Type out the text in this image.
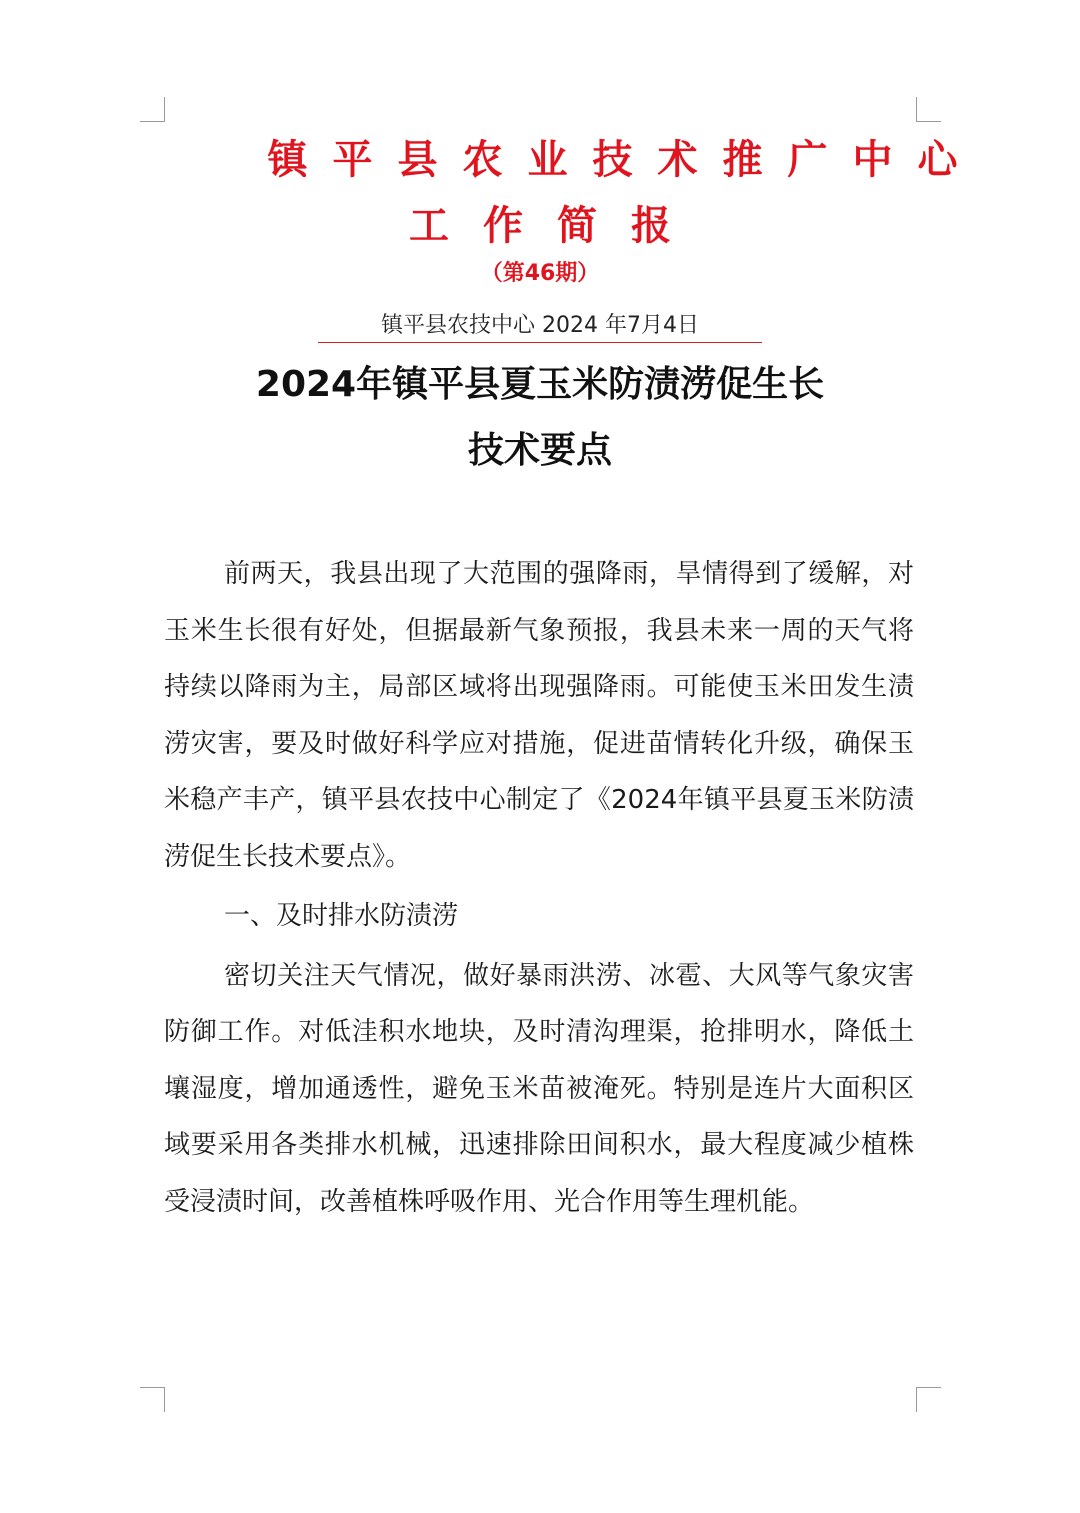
镇平县农业技术推广中心
工作简报
（第46期）
镇平县农技中心 2024 年7月4日
2024年镇平县夏玉米防渍涝促生长
技术要点

前两天，我县出现了大范围的强降雨，旱情得到了缓解，对玉米生长很有好处，但据最新气象预报，我县未来一周的天气将持续以降雨为主，局部区域将出现强降雨。可能使玉米田发生渍涝灾害，要及时做好科学应对措施，促进苗情转化升级，确保玉米稳产丰产，镇平县农技中心制定了《2024年镇平县夏玉米防渍涝促生长技术要点》。

一、及时排水防渍涝

密切关注天气情况，做好暴雨洪涝、冰雹、大风等气象灾害防御工作。对低洼积水地块，及时清沟理渠，抢排明水，降低土壤湿度，增加通透性，避免玉米苗被淹死。特别是连片大面积区域要采用各类排水机械，迅速排除田间积水，最大程度减少植株受浸渍时间，改善植株呼吸作用、光合作用等生理机能。
